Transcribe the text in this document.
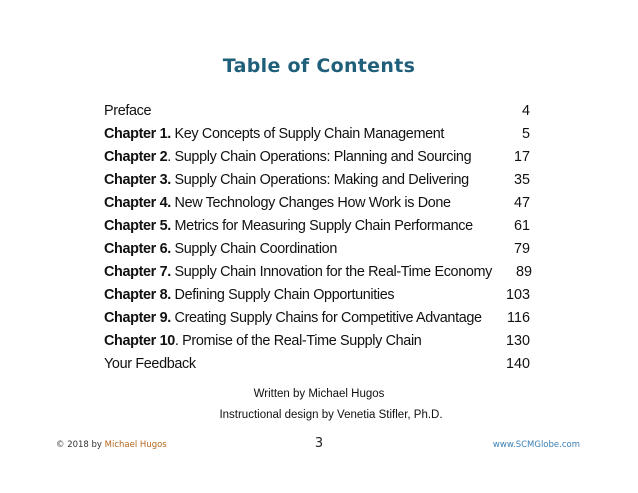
Table of Contents
Preface	4
Chapter 1. Key Concepts of Supply Chain Management	5
Chapter 2. Supply Chain Operations: Planning and Sourcing	17
Chapter 3. Supply Chain Operations: Making and Delivering	35
Chapter 4. New Technology Changes How Work is Done	47
Chapter 5. Metrics for Measuring Supply Chain Performance	61
Chapter 6. Supply Chain Coordination	79
Chapter 7. Supply Chain Innovation for the Real-Time Economy	89
Chapter 8. Defining Supply Chain Opportunities	103
Chapter 9. Creating Supply Chains for Competitive Advantage	116
Chapter 10. Promise of the Real-Time Supply Chain	130
Your Feedback	140
Written by Michael Hugos
Instructional design by Venetia Stifler, Ph.D.
© 2018 by Michael Hugos	3	www.SCMGlobe.com
